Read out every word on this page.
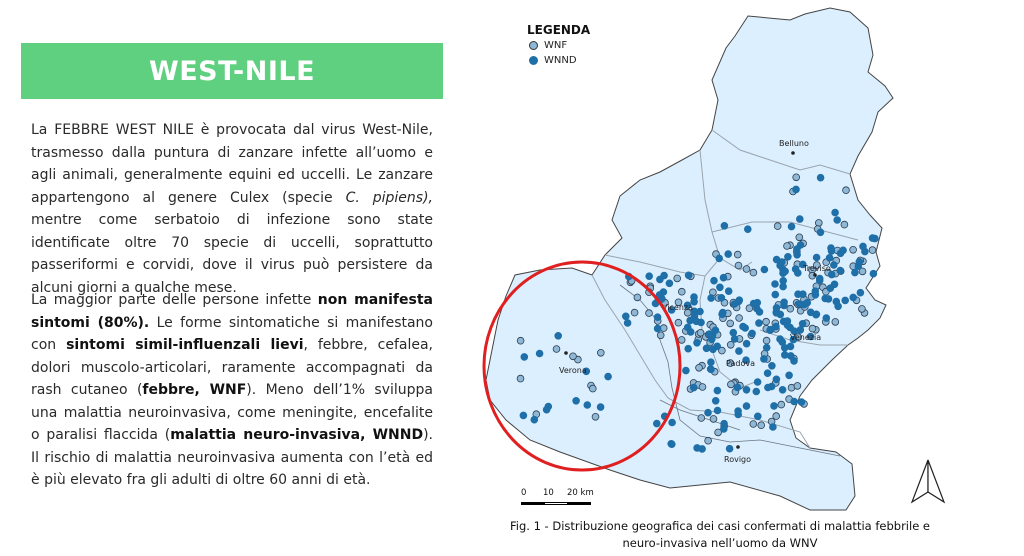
WEST-NILE
La FEBBRE WEST NILE è provocata dal virus West-Nile, trasmesso dalla puntura di zanzare infette all’uomo e agli animali, generalmente equini ed uccelli. Le zanzare appartengono al genere Culex (specie C. pipiens), mentre come serbatoio di infezione sono state identificate oltre 70 specie di uccelli, soprattutto passeriformi e corvidi, dove il virus può persistere da alcuni giorni a qualche mese.
La maggior parte delle persone infette non manifesta sintomi (80%). Le forme sintomatiche si manifestano con sintomi simil-influenzali lievi, febbre, cefalea, dolori muscolo-articolari, raramente accompagnati da rash cutaneo (febbre, WNF). Meno dell’1% sviluppa una malattia neuroinvasiva, come meningite, encefalite o paralisi flaccida (malattia neuro-invasiva, WNND). Il rischio di malattia neuroinvasiva aumenta con l’età ed è più elevato fra gli adulti di oltre 60 anni di età.
Belluno
Treviso
Verona
Vicenza
Padova
Venezia
Rovigo
LEGENDA
WNF
WNND
0 10 20 km
Fig. 1 - Distribuzione geografica dei casi confermati di malattia febbrile e
neuro-invasiva nell’uomo da WNV
